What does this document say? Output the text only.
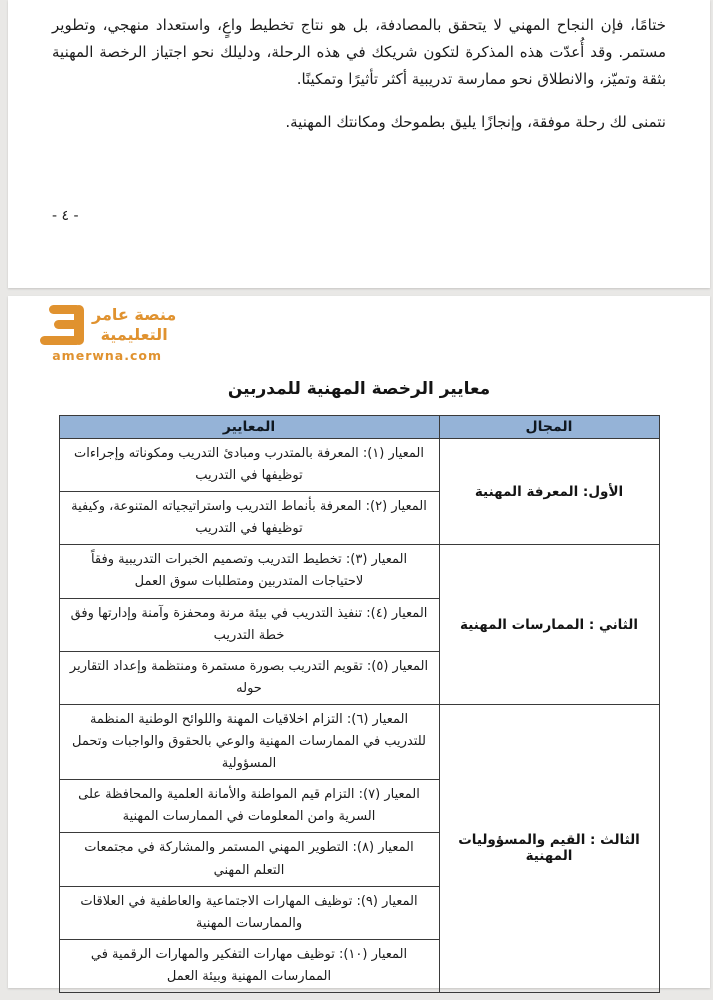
ختامًا، فإن النجاح المهني لا يتحقق بالمصادفة، بل هو نتاج تخطيط واعٍ، واستعداد منهجي، وتطوير مستمر. وقد أُعدّت هذه المذكرة لتكون شريكك في هذه الرحلة، ودليلك نحو اجتياز الرخصة المهنية بثقة وتميّز، والانطلاق نحو ممارسة تدريبية أكثر تأثيرًا وتمكينًا.

نتمنى لك رحلة موفقة، وإنجازًا يليق بطموحك ومكانتك المهنية.

- ٤ -
منصة عامر
التعليمية
amerwna.com
معايير الرخصة المهنية للمدربين
المجال	المعايير
الأول: المعرفة المهنية	المعيار (١): المعرفة بالمتدرب ومبادئ التدريب ومكوناته وإجراءات توظيفها في التدريب
	المعيار (٢): المعرفة بأنماط التدريب واستراتيجياته المتنوعة، وكيفية توظيفها في التدريب
الثاني : الممارسات المهنية	المعيار (٣): تخطيط التدريب وتصميم الخبرات التدريبية وفقاً لاحتياجات المتدربين ومتطلبات سوق العمل
	المعيار (٤): تنفيذ التدريب في بيئة مرنة ومحفزة وآمنة وإدارتها وفق خطة التدريب
	المعيار (٥): تقويم التدريب بصورة مستمرة ومنتظمة وإعداد التقارير حوله
الثالث : القيم والمسؤوليات المهنية	المعيار (٦): التزام اخلاقيات المهنة واللوائح الوطنية المنظمة للتدريب في الممارسات المهنية والوعي بالحقوق والواجبات وتحمل المسؤولية
	المعيار (٧): التزام قيم المواطنة والأمانة العلمية والمحافظة على السرية وامن المعلومات في الممارسات المهنية
	المعيار (٨): التطوير المهني المستمر والمشاركة في مجتمعات التعلم المهني
	المعيار (٩): توظيف المهارات الاجتماعية والعاطفية في العلاقات والممارسات المهنية
	المعيار (١٠): توظيف مهارات التفكير والمهارات الرقمية في الممارسات المهنية وبيئة العمل
